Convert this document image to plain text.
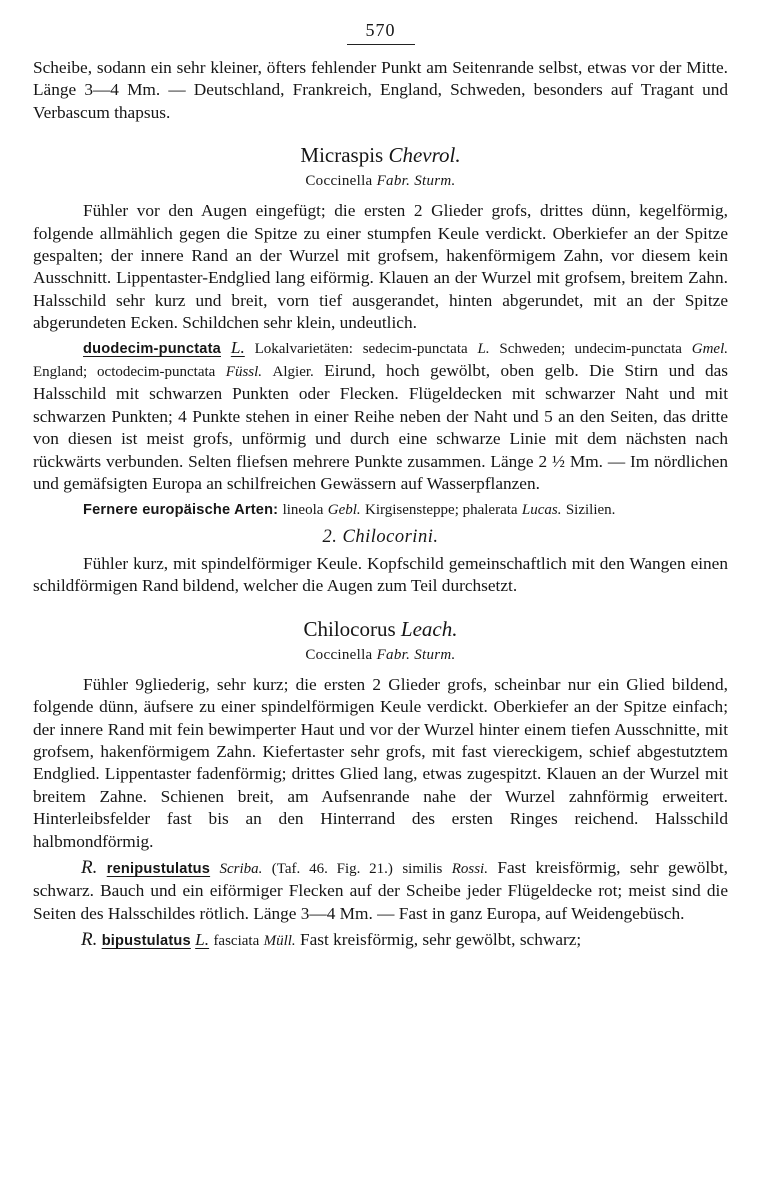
570

Scheibe, sodann ein sehr kleiner, öfters fehlender Punkt am Seitenrande selbst, etwas vor der Mitte. Länge 3—4 Mm. — Deutschland, Frankreich, England, Schweden, besonders auf Tragant und Verbascum thapsus.

Micraspis Chevrol.
Coccinella Fabr. Sturm.

Fühler vor den Augen eingefügt; die ersten 2 Glieder grofs, drittes dünn, kegelförmig, folgende allmählich gegen die Spitze zu einer stumpfen Keule verdickt. Oberkiefer an der Spitze gespalten; der innere Rand an der Wurzel mit grofsem, hakenförmigem Zahn, vor diesem kein Ausschnitt. Lippentaster-Endglied lang eiförmig. Klauen an der Wurzel mit grofsem, breitem Zahn. Halsschild sehr kurz und breit, vorn tief ausgerandet, hinten abgerundet, mit an der Spitze abgerundeten Ecken. Schildchen sehr klein, undeutlich.

duodecim-punctata L. Lokalvarietäten: sedecim-punctata L. Schweden; undecim-punctata Gmel. England; octodecim-punctata Füssl. Algier. Eirund, hoch gewölbt, oben gelb. Die Stirn und das Halsschild mit schwarzen Punkten oder Flecken. Flügeldecken mit schwarzer Naht und mit schwarzen Punkten; 4 Punkte stehen in einer Reihe neben der Naht und 5 an den Seiten, das dritte von diesen ist meist grofs, unförmig und durch eine schwarze Linie mit dem nächsten nach rückwärts verbunden. Selten fliefsen mehrere Punkte zusammen. Länge 2 ½ Mm. — Im nördlichen und gemäfsigten Europa an schilfreichen Gewässern auf Wasserpflanzen.

Fernere europäische Arten: lineola Gebl. Kirgisensteppe; phalerata Lucas. Sizilien.

2. Chilocorini.

Fühler kurz, mit spindelförmiger Keule. Kopfschild gemeinschaftlich mit den Wangen einen schildförmigen Rand bildend, welcher die Augen zum Teil durchsetzt.

Chilocorus Leach.
Coccinella Fabr. Sturm.

Fühler 9gliederig, sehr kurz; die ersten 2 Glieder grofs, scheinbar nur ein Glied bildend, folgende dünn, äufsere zu einer spindelförmigen Keule verdickt. Oberkiefer an der Spitze einfach; der innere Rand mit fein bewimperter Haut und vor der Wurzel hinter einem tiefen Ausschnitte, mit grofsem, hakenförmigem Zahn. Kiefertaster sehr grofs, mit fast viereckigem, schief abgestutztem Endglied. Lippentaster fadenförmig; drittes Glied lang, etwas zugespitzt. Klauen an der Wurzel mit breitem Zahne. Schienen breit, am Aufsenrande nahe der Wurzel zahnförmig erweitert. Hinterleibsfelder fast bis an den Hinterrand des ersten Ringes reichend. Halsschild halbmondförmig.

R. renipustulatus Scriba. (Taf. 46. Fig. 21.) similis Rossi. Fast kreisförmig, sehr gewölbt, schwarz. Bauch und ein eiförmiger Flecken auf der Scheibe jeder Flügeldecke rot; meist sind die Seiten des Halsschildes rötlich. Länge 3—4 Mm. — Fast in ganz Europa, auf Weidengebüsch.

R. bipustulatus L. fasciata Müll. Fast kreisförmig, sehr gewölbt, schwarz;
